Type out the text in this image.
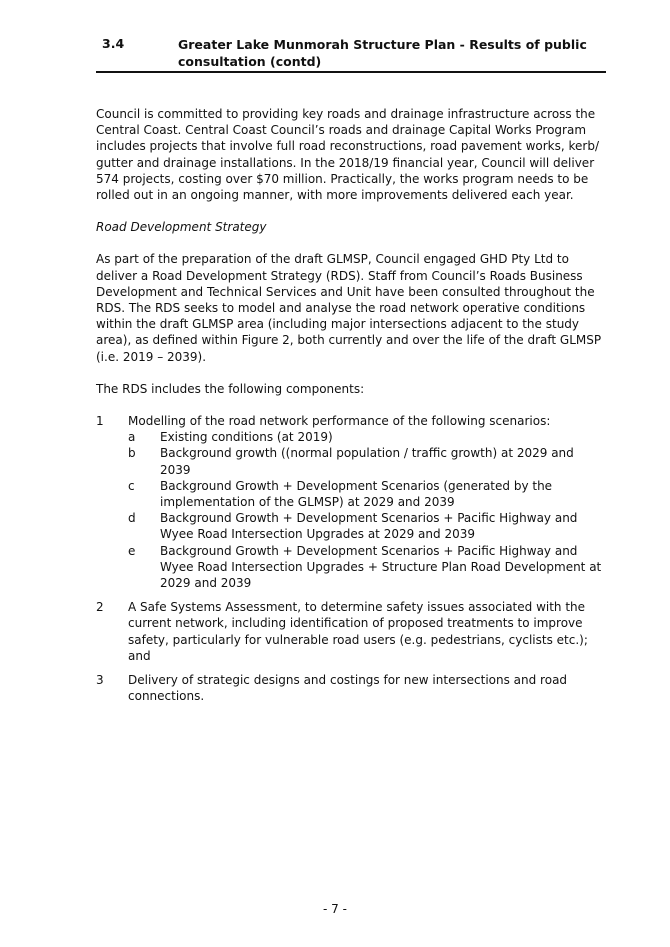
3.4	Greater Lake Munmorah Structure Plan - Results of public consultation (contd)

Council is committed to providing key roads and drainage infrastructure across the Central Coast. Central Coast Council’s roads and drainage Capital Works Program includes projects that involve full road reconstructions, road pavement works, kerb/ gutter and drainage installations. In the 2018/19 financial year, Council will deliver 574 projects, costing over $70 million. Practically, the works program needs to be rolled out in an ongoing manner, with more improvements delivered each year.

Road Development Strategy

As part of the preparation of the draft GLMSP, Council engaged GHD Pty Ltd to deliver a Road Development Strategy (RDS). Staff from Council’s Roads Business Development and Technical Services and Unit have been consulted throughout the RDS. The RDS seeks to model and analyse the road network operative conditions within the draft GLMSP area (including major intersections adjacent to the study area), as defined within Figure 2, both currently and over the life of the draft GLMSP (i.e. 2019 – 2039).

The RDS includes the following components:

1 Modelling of the road network performance of the following scenarios:
a Existing conditions (at 2019)
b Background growth ((normal population / traffic growth) at 2029 and 2039
c Background Growth + Development Scenarios (generated by the implementation of the GLMSP) at 2029 and 2039
d Background Growth + Development Scenarios + Pacific Highway and Wyee Road Intersection Upgrades at 2029 and 2039
e Background Growth + Development Scenarios + Pacific Highway and Wyee Road Intersection Upgrades + Structure Plan Road Development at 2029 and 2039
2 A Safe Systems Assessment, to determine safety issues associated with the current network, including identification of proposed treatments to improve safety, particularly for vulnerable road users (e.g. pedestrians, cyclists etc.); and
3 Delivery of strategic designs and costings for new intersections and road connections.
- 7 -
